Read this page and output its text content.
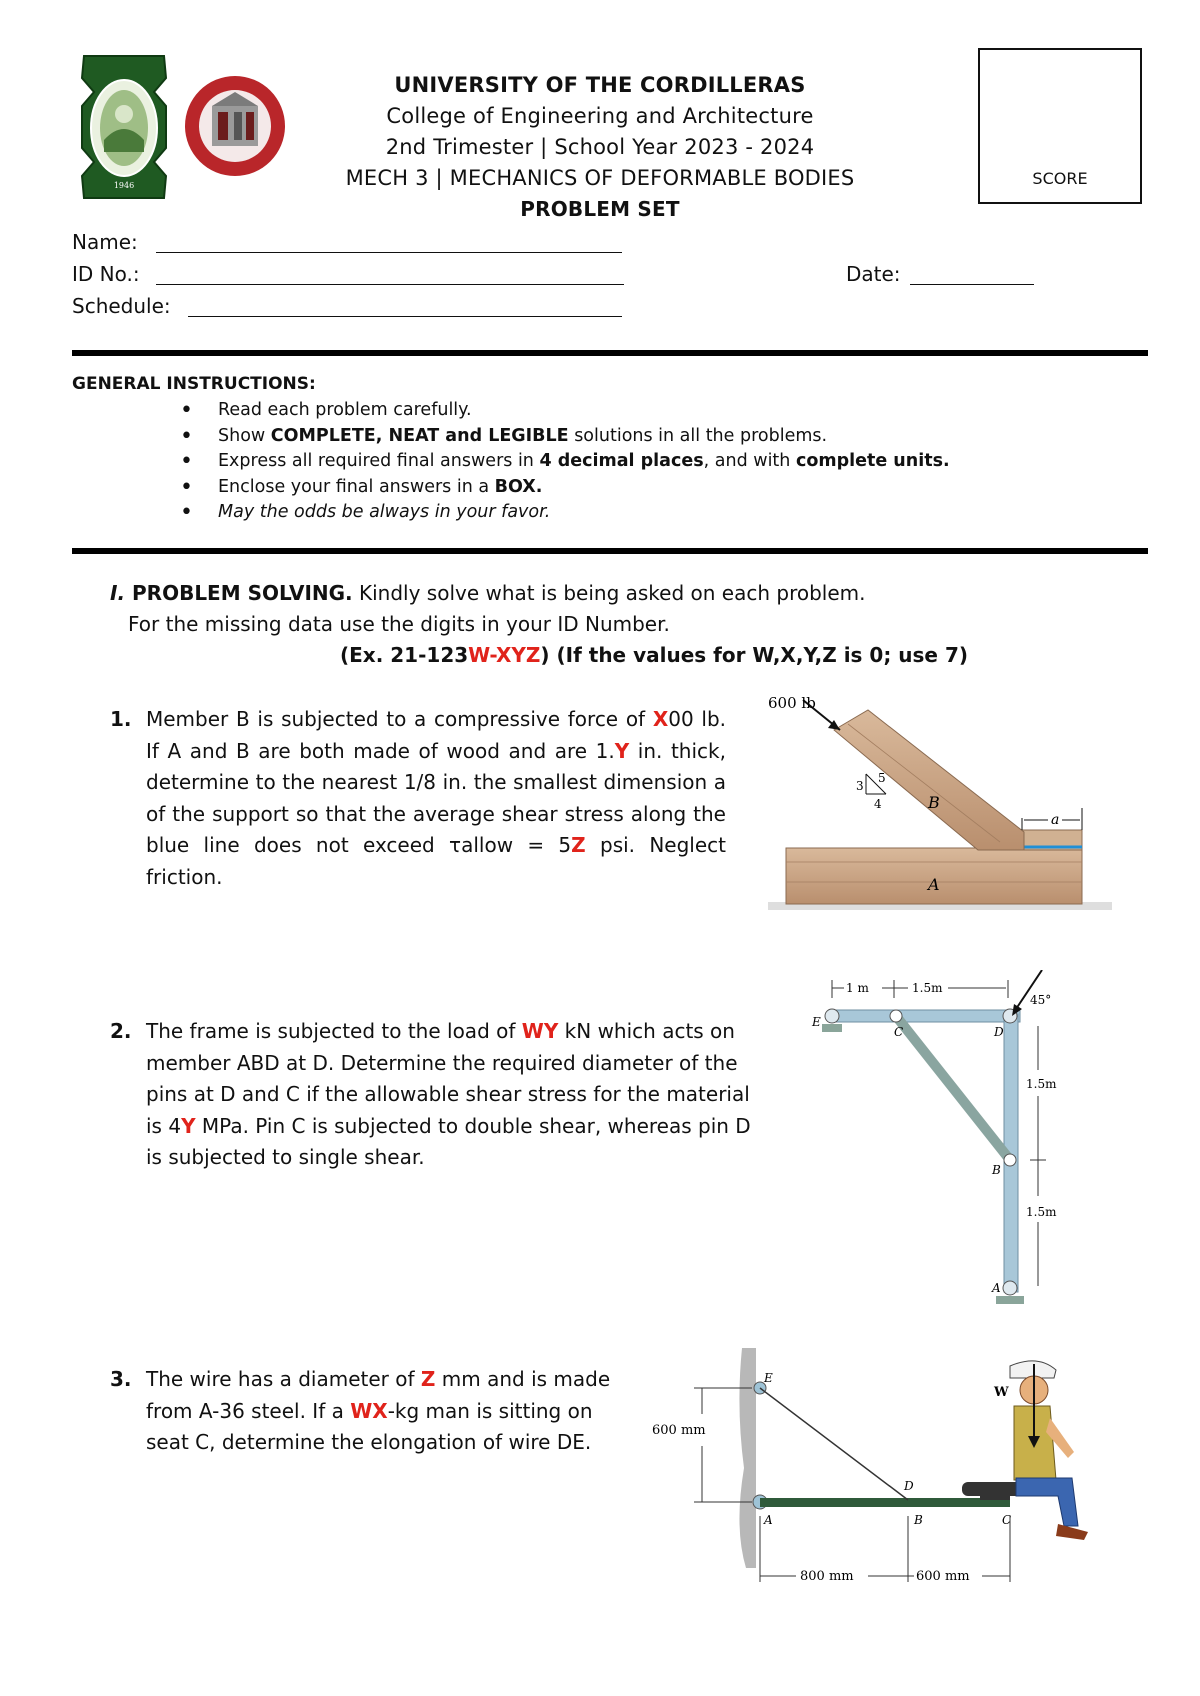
1946
UNIVERSITY OF THE CORDILLERAS
College of Engineering and Architecture
2nd Trimester | School Year 2023 - 2024
MECH 3 | MECHANICS OF DEFORMABLE BODIES
PROBLEM SET
SCORE
Name:
ID No.:
Schedule:
Date:
GENERAL INSTRUCTIONS:
• Read each problem carefully.
• Show COMPLETE, NEAT and LEGIBLE solutions in all the problems.
• Express all required final answers in 4 decimal places, and with complete units.
• Enclose your final answers in a BOX.
• May the odds be always in your favor.
I. PROBLEM SOLVING. Kindly solve what is being asked on each problem.
For the missing data use the digits in your ID Number.
(Ex. 21-123W-XYZ) (If the values for W,X,Y,Z is 0; use 7)
1. Member B is subjected to a compressive force of X00 lb. If A and B are both made of wood and are 1.Y in. thick, determine to the nearest 1/8 in. the smallest dimension a of the support so that the average shear stress along the blue line does not exceed τallow = 5Z psi. Neglect friction.
600 lb
3
4
5
B
A
a
2. The frame is subjected to the load of WY kN which acts on member ABD at D. Determine the required diameter of the pins at D and C if the allowable shear stress for the material is 4Y MPa. Pin C is subjected to double shear, whereas pin D is subjected to single shear.
1 m	1.5m
45°
E
C	D
B
A
1.5m
1.5m
3. The wire has a diameter of Z mm and is made from A-36 steel. If a WX-kg man is sitting on seat C, determine the elongation of wire DE.
E
D
A	B	C
600 mm
800 mm	600 mm
W
